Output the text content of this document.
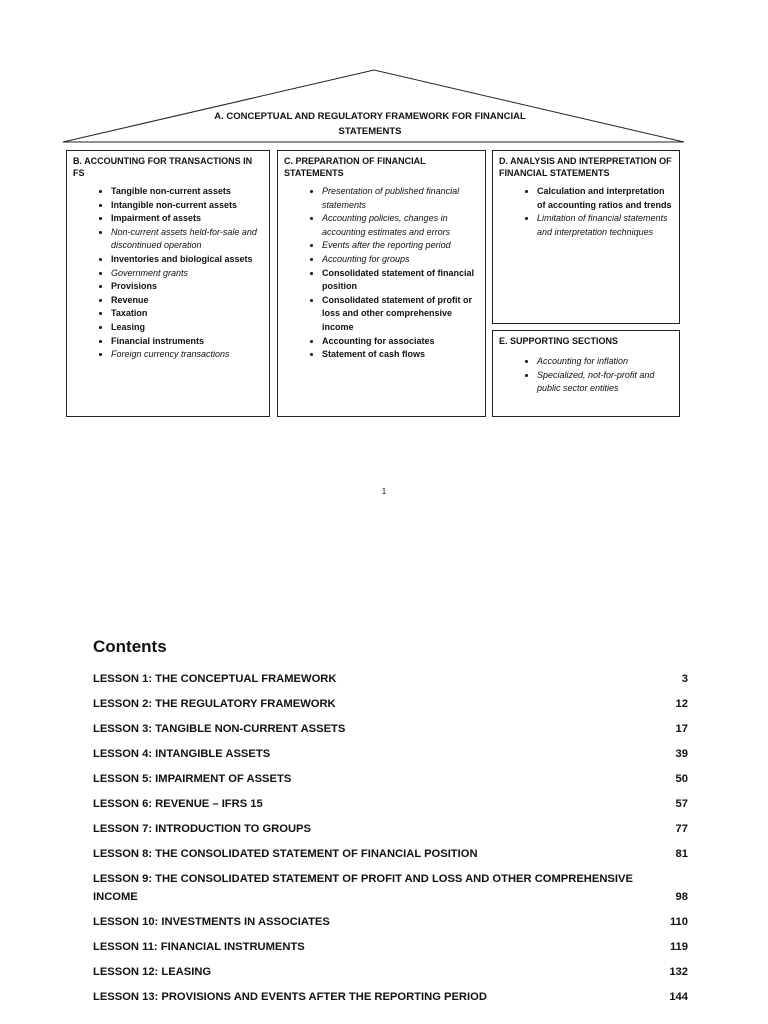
A. CONCEPTUAL AND REGULATORY FRAMEWORK FOR FINANCIAL STATEMENTS
B. ACCOUNTING FOR TRANSACTIONS IN FS
• Tangible non-current assets
• Intangible non-current assets
• Impairment of assets
• Non-current assets held-for-sale and discontinued operation
• Inventories and biological assets
• Government grants
• Provisions
• Revenue
• Taxation
• Leasing
• Financial instruments
• Foreign currency transactions
C. PREPARATION OF FINANCIAL STATEMENTS
• Presentation of published financial statements
• Accounting policies, changes in accounting estimates and errors
• Events after the reporting period
• Accounting for groups
• Consolidated statement of financial position
• Consolidated statement of profit or loss and other comprehensive income
• Accounting for associates
• Statement of cash flows
D. ANALYSIS AND INTERPRETATION OF FINANCIAL STATEMENTS
• Calculation and interpretation of accounting ratios and trends
• Limitation of financial statements and interpretation techniques
E. SUPPORTING SECTIONS
• Accounting for inflation
• Specialized, not-for-profit and public sector entities
1
Contents
LESSON 1: THE CONCEPTUAL FRAMEWORK	3
LESSON 2: THE REGULATORY FRAMEWORK	12
LESSON 3: TANGIBLE NON-CURRENT ASSETS	17
LESSON 4: INTANGIBLE ASSETS	39
LESSON 5: IMPAIRMENT OF ASSETS	50
LESSON 6: REVENUE – IFRS 15	57
LESSON 7: INTRODUCTION TO GROUPS	77
LESSON 8: THE CONSOLIDATED STATEMENT OF FINANCIAL POSITION	81
LESSON 9: THE CONSOLIDATED STATEMENT OF PROFIT AND LOSS AND OTHER COMPREHENSIVE INCOME	98
LESSON 10: INVESTMENTS IN ASSOCIATES	110
LESSON 11: FINANCIAL INSTRUMENTS	119
LESSON 12: LEASING	132
LESSON 13: PROVISIONS AND EVENTS AFTER THE REPORTING PERIOD	144
